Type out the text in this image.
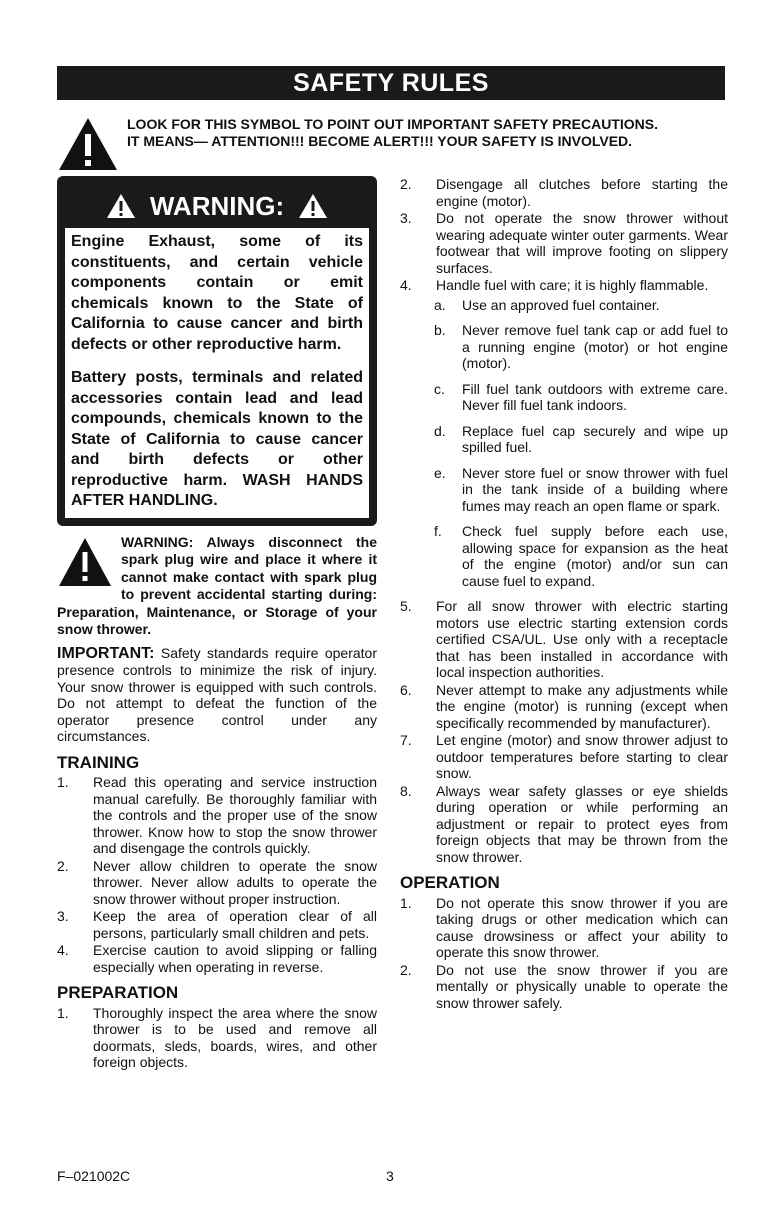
SAFETY RULES
LOOK FOR THIS SYMBOL TO POINT OUT IMPORTANT SAFETY PRECAUTIONS.
IT MEANS— ATTENTION!!! BECOME ALERT!!! YOUR SAFETY IS INVOLVED.
WARNING:

Engine Exhaust, some of its constituents, and certain vehicle components contain or emit chemicals known to the State of California to cause cancer and birth defects or other reproductive harm.

Battery posts, terminals and related accessories contain lead and lead compounds, chemicals known to the State of California to cause cancer and birth defects or other reproductive harm. WASH HANDS AFTER HANDLING.

WARNING: Always disconnect the spark plug wire and place it where it cannot make contact with spark plug to prevent accidental starting during: Preparation, Maintenance, or Storage of your snow thrower.

IMPORTANT: Safety standards require operator presence controls to minimize the risk of injury. Your snow thrower is equipped with such controls. Do not attempt to defeat the function of the operator presence control under any circumstances.

TRAINING
1. Read this operating and service instruction manual carefully. Be thoroughly familiar with the controls and the proper use of the snow thrower. Know how to stop the snow thrower and disengage the controls quickly.
2. Never allow children to operate the snow thrower. Never allow adults to operate the snow thrower without proper instruction.
3. Keep the area of operation clear of all persons, particularly small children and pets.
4. Exercise caution to avoid slipping or falling especially when operating in reverse.
PREPARATION
1. Thoroughly inspect the area where the snow thrower is to be used and remove all doormats, sleds, boards, wires, and other foreign objects.
2. Disengage all clutches before starting the engine (motor).
3. Do not operate the snow thrower without wearing adequate winter outer garments. Wear footwear that will improve footing on slippery surfaces.
4. Handle fuel with care; it is highly flammable.
a. Use an approved fuel container.
b. Never remove fuel tank cap or add fuel to a running engine (motor) or hot engine (motor).
c. Fill fuel tank outdoors with extreme care. Never fill fuel tank indoors.
d. Replace fuel cap securely and wipe up spilled fuel.
e. Never store fuel or snow thrower with fuel in the tank inside of a building where fumes may reach an open flame or spark.
f. Check fuel supply before each use, allowing space for expansion as the heat of the engine (motor) and/or sun can cause fuel to expand.
5. For all snow thrower with electric starting motors use electric starting extension cords certified CSA/UL. Use only with a receptacle that has been installed in accordance with local inspection authorities.
6. Never attempt to make any adjustments while the engine (motor) is running (except when specifically recommended by manufacturer).
7. Let engine (motor) and snow thrower adjust to outdoor temperatures before starting to clear snow.
8. Always wear safety glasses or eye shields during operation or while performing an adjustment or repair to protect eyes from foreign objects that may be thrown from the snow thrower.
OPERATION
1. Do not operate this snow thrower if you are taking drugs or other medication which can cause drowsiness or affect your ability to operate this snow thrower.
2. Do not use the snow thrower if you are mentally or physically unable to operate the snow thrower safely.
F–021002C	3
